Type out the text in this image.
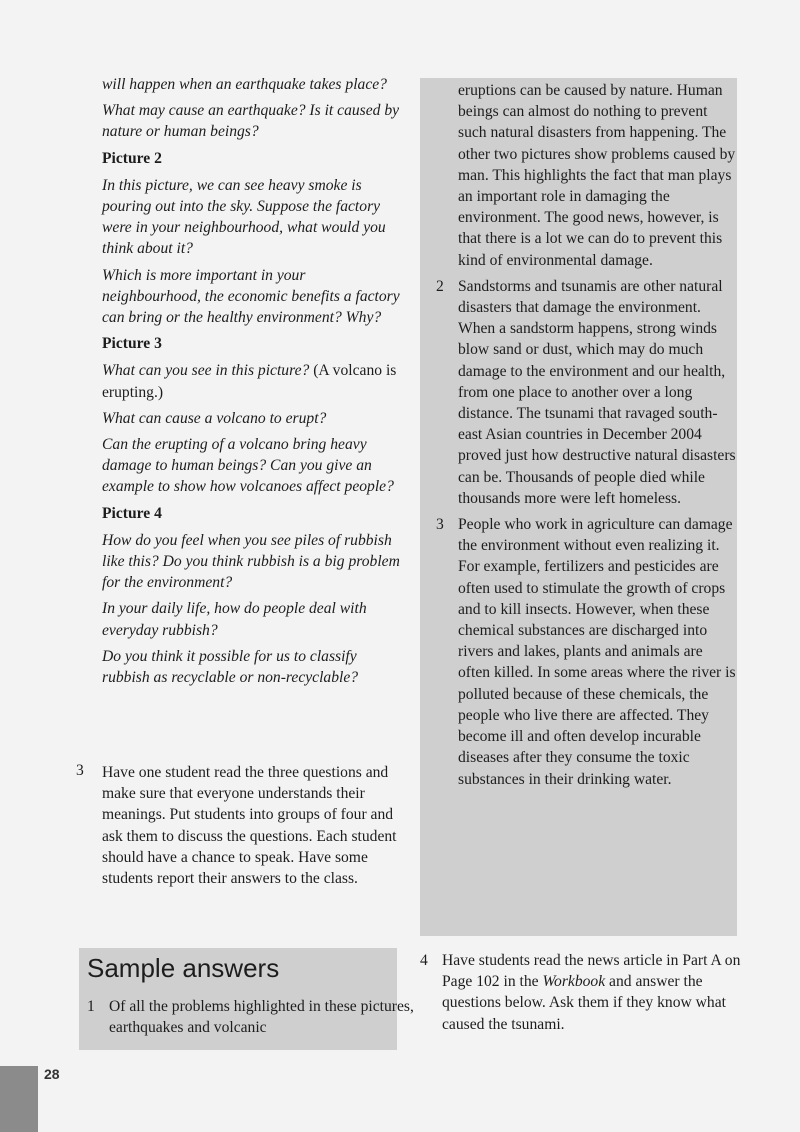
will happen when an earthquake takes place?

What may cause an earthquake? Is it caused by nature or human beings?

Picture 2

In this picture, we can see heavy smoke is pouring out into the sky. Suppose the factory were in your neighbourhood, what would you think about it?

Which is more important in your neighbourhood, the economic benefits a factory can bring or the healthy environment? Why?

Picture 3

What can you see in this picture? (A volcano is erupting.)

What can cause a volcano to erupt?

Can the erupting of a volcano bring heavy damage to human beings? Can you give an example to show how volcanoes affect people?

Picture 4

How do you feel when you see piles of rubbish like this? Do you think rubbish is a big problem for the environment?

In your daily life, how do people deal with everyday rubbish?

Do you think it possible for us to classify rubbish as recyclable or non-recyclable?

3 Have one student read the three questions and make sure that everyone understands their meanings. Put students into groups of four and ask them to discuss the questions. Each student should have a chance to speak. Have some students report their answers to the class.
Sample answers
1 Of all the problems highlighted in these pictures, earthquakes and volcanic

eruptions can be caused by nature. Human beings can almost do nothing to prevent such natural disasters from happening. The other two pictures show problems caused by man. This highlights the fact that man plays an important role in damaging the environment. The good news, however, is that there is a lot we can do to prevent this kind of environmental damage.

2 Sandstorms and tsunamis are other natural disasters that damage the environment. When a sandstorm happens, strong winds blow sand or dust, which may do much damage to the environment and our health, from one place to another over a long distance. The tsunami that ravaged south-east Asian countries in December 2004 proved just how destructive natural disasters can be. Thousands of people died while thousands more were left homeless.
3 People who work in agriculture can damage the environment without even realizing it. For example, fertilizers and pesticides are often used to stimulate the growth of crops and to kill insects. However, when these chemical substances are discharged into rivers and lakes, plants and animals are often killed. In some areas where the river is polluted because of these chemicals, the people who live there are affected. They become ill and often develop incurable diseases after they consume the toxic substances in their drinking water.
4 Have students read the news article in Part A on Page 102 in the Workbook and answer the questions below. Ask them if they know what caused the tsunami.
28
